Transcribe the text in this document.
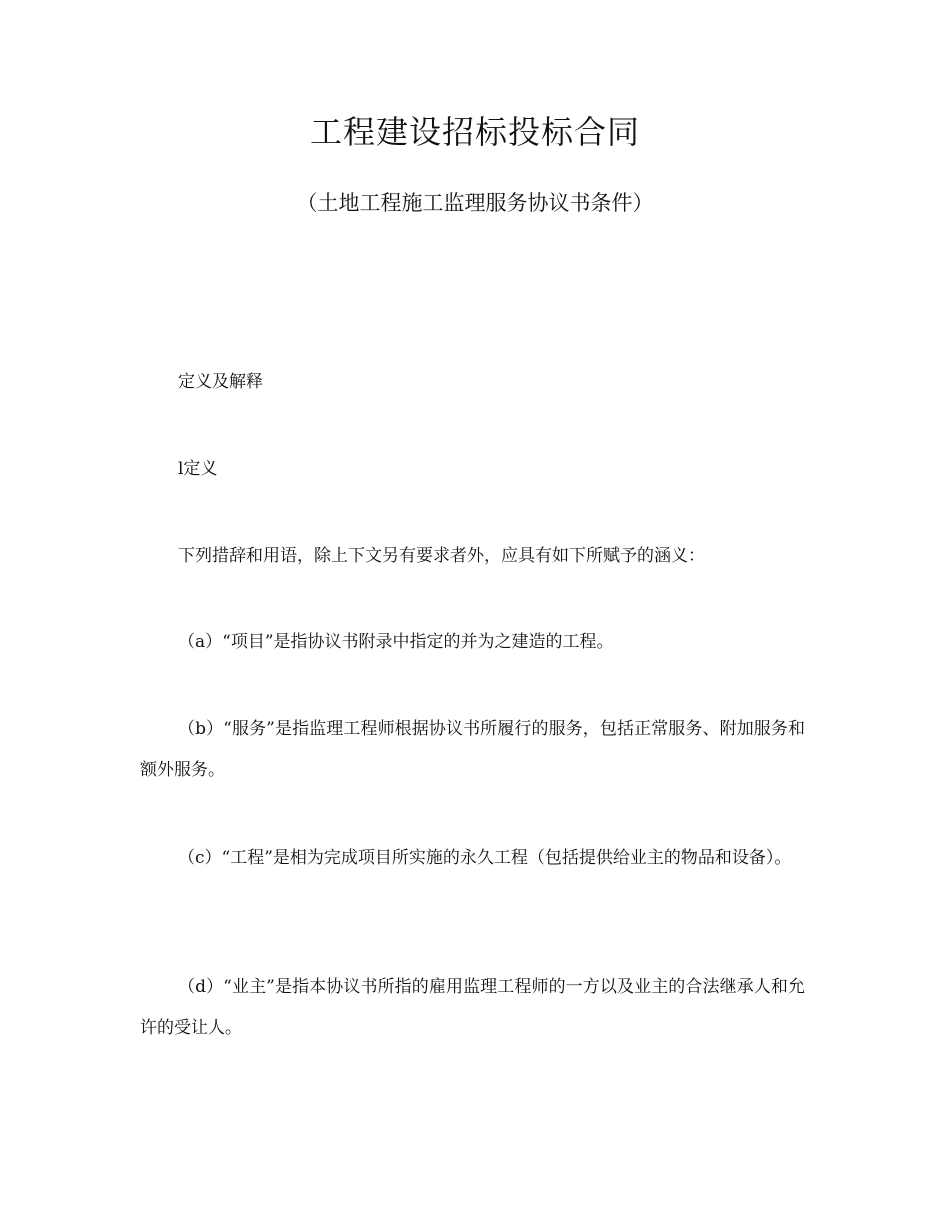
工程建设招标投标合同
（土地工程施工监理服务协议书条件）

定义及解释

l定义

下列措辞和用语，除上下文另有要求者外，应具有如下所赋予的涵义：

（a）“项目”是指协议书附录中指定的并为之建造的工程。

（b）“服务”是指监理工程师根据协议书所履行的服务，包括正常服务、附加服务和额外服务。

（c）“工程”是相为完成项目所实施的永久工程（包括提供给业主的物品和设备）。

（d）“业主”是指本协议书所指的雇用监理工程师的一方以及业主的合法继承人和允许的受让人。
